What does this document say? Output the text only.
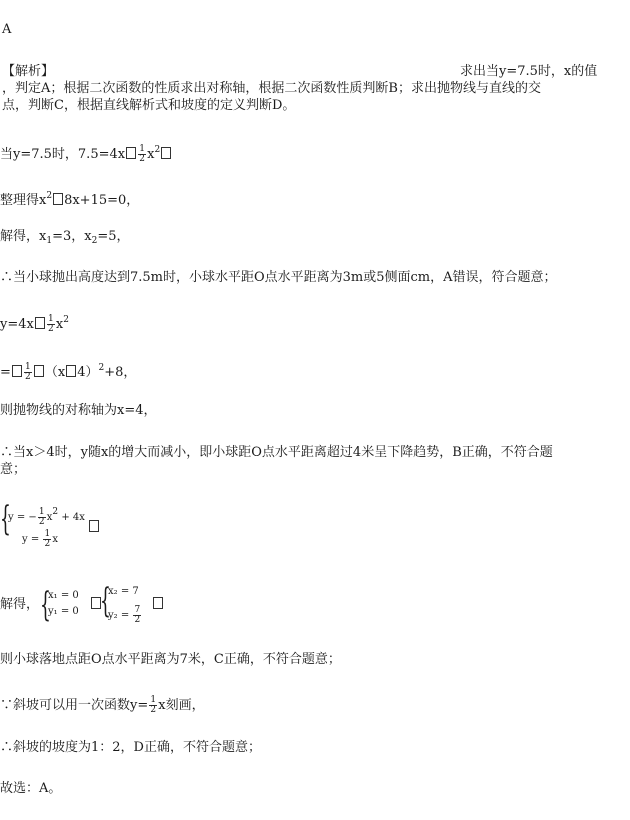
A
【解析】	求出当y=7.5时，x的值
，判定A；根据二次函数的性质求出对称轴，根据二次函数性质判断B；求出抛物线与直线的交
点，判断C，根据直线解析式和坡度的定义判断D。
当y=7.5时，$7.5=4x \frac{1}{2} x^2$
整理得$x^2$ 8x+15=0，
解得，$x_1=3$，$x_2=5$，
∴当小球抛出高度达到7.5m时，小球水平距O点水平距离为3m或5侧面cm，A错误，符合题意；
$y=4x \frac{1}{2} x^2$
= $\frac{1}{2} (x$ 4）$^2$+8，
则抛物线的对称轴为x=4，
∴当x＞4时，y随x的增大而减小，即小球距O点水平距离超过4米呈下降趋势，B正确，不符合题
意；
{
y = − $\frac{1}{2} x^2 + 4x$
$y = \frac{1}{2}$ x
解得， {
x₁ = 0
y₁ = 0 {
x₂ = 7
$y_2 = \frac{7}{2}$
则小球落地点距O点水平距离为7米，C正确，不符合题意；
∵斜坡可以用一次函数$y= \frac{1}{2}$ x刻画，
∴斜坡的坡度为1：2，D正确，不符合题意；
故选：A。
